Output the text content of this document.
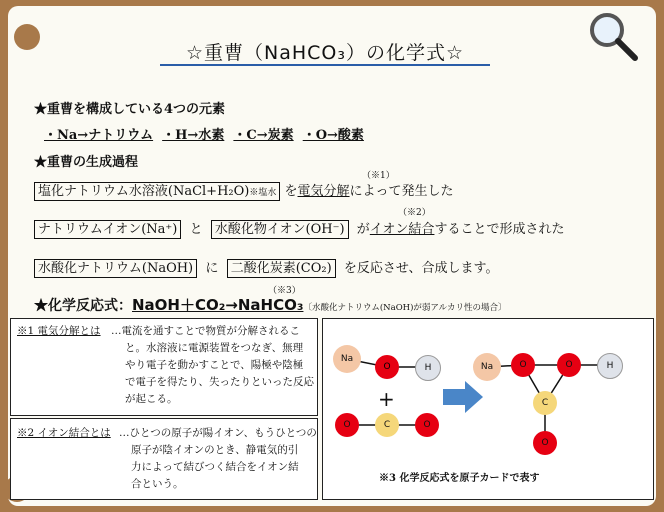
☆重曹（NaHCO₃）の化学式☆
★重曹を構成している4つの元素
・Na→ナトリウム ・H→水素 ・C→炭素 ・O→酸素
★重曹の生成過程
（※1）
塩化ナトリウム水溶液(NaCl+H₂O)※塩水 を電気分解によって発生した
（※2）
ナトリウムイオン(Na⁺) と 水酸化物イオン(OH⁻) がイオン結合することで形成された
水酸化ナトリウム(NaOH) に 二酸化炭素(CO₂) を反応させ、合成します。
（※3）
★化学反応式：NaOH＋CO₂→NaHCO₃〔水酸化ナトリウム(NaOH)が弱アルカリ性の場合〕
※1 電気分解とは …電流を通すことで物質が分解されるこ
と。水溶液に電源装置をつなぎ、無理
やり電子を動かすことで、陽極や陰極
で電子を得たり、失ったりといった反応
が起こる。
※2 イオン結合とは …ひとつの原子が陽イオン、もうひとつの
原子が陰イオンのとき、静電気的引
力によって結びつく結合をイオン結
合という。
Na
O	H
+
O	C	O
Na	O	O	H
C
O
※3 化学反応式を原子カードで表す
